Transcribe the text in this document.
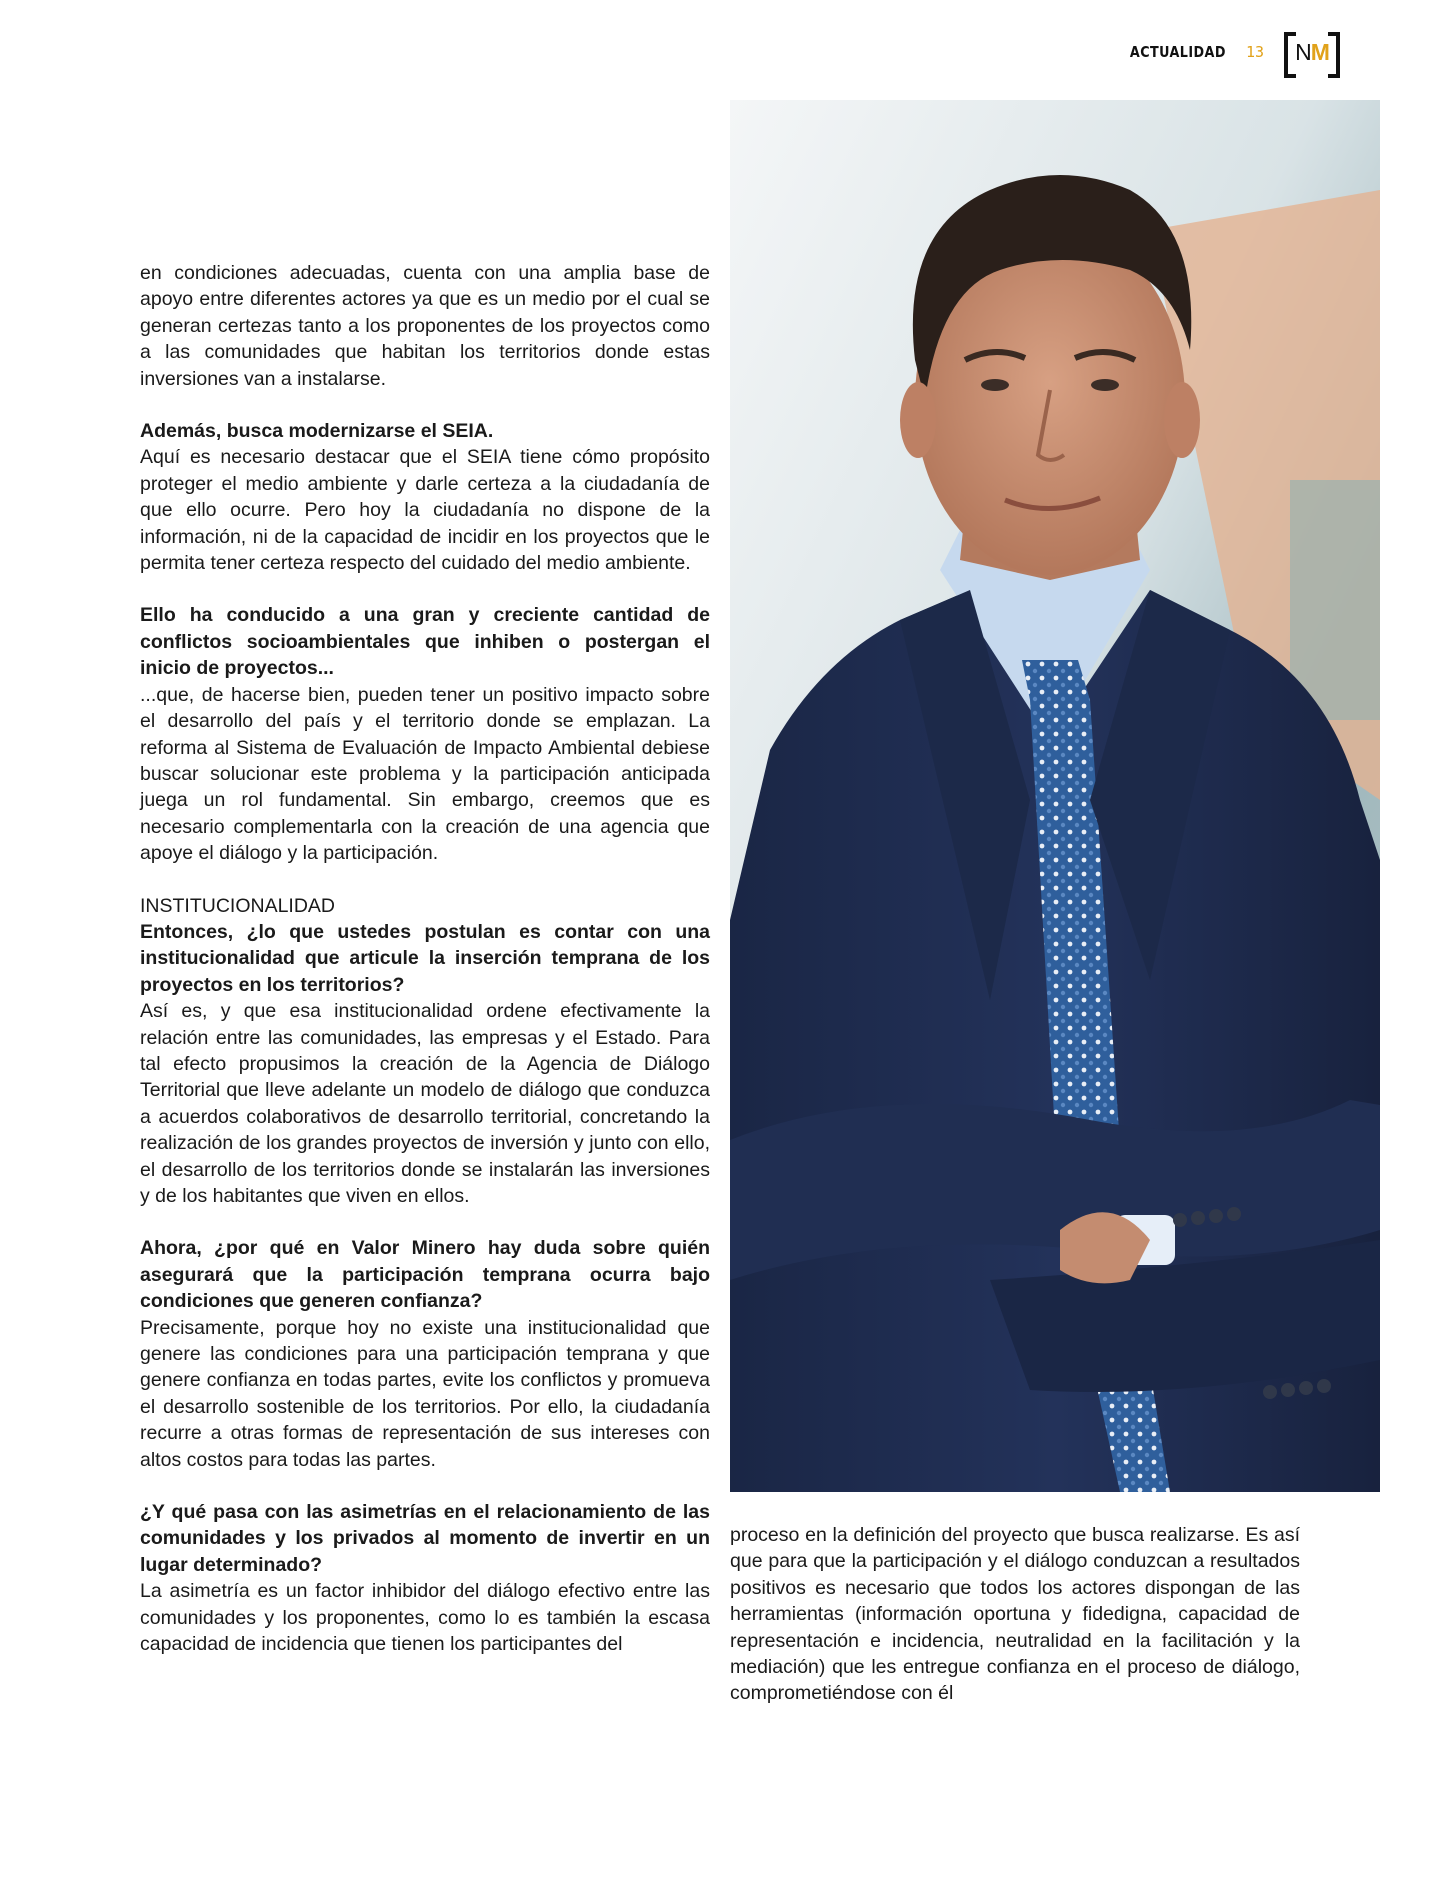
ACTUALIDAD 13 NM

en condiciones adecuadas, cuenta con una amplia base de apoyo entre diferentes actores ya que es un medio por el cual se generan certezas tanto a los proponentes de los proyectos como a las comunidades que habitan los territorios donde estas inversiones van a instalarse.

Además, busca modernizarse el SEIA.

Aquí es necesario destacar que el SEIA tiene cómo propósito proteger el medio ambiente y darle certeza a la ciudadanía de que ello ocurre. Pero hoy la ciudadanía no dispone de la información, ni de la capacidad de incidir en los proyectos que le permita tener certeza respecto del cuidado del medio ambiente.

Ello ha conducido a una gran y creciente cantidad de conflictos socioambientales que inhiben o postergan el inicio de proyectos...

...que, de hacerse bien, pueden tener un positivo impacto sobre el desarrollo del país y el territorio donde se emplazan. La reforma al Sistema de Evaluación de Impacto Ambiental debiese buscar solucionar este problema y la participación anticipada juega un rol fundamental. Sin embargo, creemos que es necesario complementarla con la creación de una agencia que apoye el diálogo y la participación.

INSTITUCIONALIDAD

Entonces, ¿lo que ustedes postulan es contar con una institucionalidad que articule la inserción temprana de los proyectos en los territorios?

Así es, y que esa institucionalidad ordene efectivamente la relación entre las comunidades, las empresas y el Estado. Para tal efecto propusimos la creación de la Agencia de Diálogo Territorial que lleve adelante un modelo de diálogo que conduzca a acuerdos colaborativos de desarrollo territorial, concretando la realización de los grandes proyectos de inversión y junto con ello, el desarrollo de los territorios donde se instalarán las inversiones y de los habitantes que viven en ellos.

Ahora, ¿por qué en Valor Minero hay duda sobre quién asegurará que la participación temprana ocurra bajo condiciones que generen confianza?

Precisamente, porque hoy no existe una institucionalidad que genere las condiciones para una participación temprana y que genere confianza en todas partes, evite los conflictos y promueva el desarrollo sostenible de los territorios. Por ello, la ciudadanía recurre a otras formas de representación de sus intereses con altos costos para todas las partes.

¿Y qué pasa con las asimetrías en el relacionamiento de las comunidades y los privados al momento de invertir en un lugar determinado?

La asimetría es un factor inhibidor del diálogo efectivo entre las comunidades y los proponentes, como lo es también la escasa capacidad de incidencia que tienen los participantes del

proceso en la definición del proyecto que busca realizarse. Es así que para que la participación y el diálogo conduzcan a resultados positivos es necesario que todos los actores dispongan de las herramientas (información oportuna y fidedigna, capacidad de representación e incidencia, neutralidad en la facilitación y la mediación) que les entregue confianza en el proceso de diálogo, comprometiéndose con él
